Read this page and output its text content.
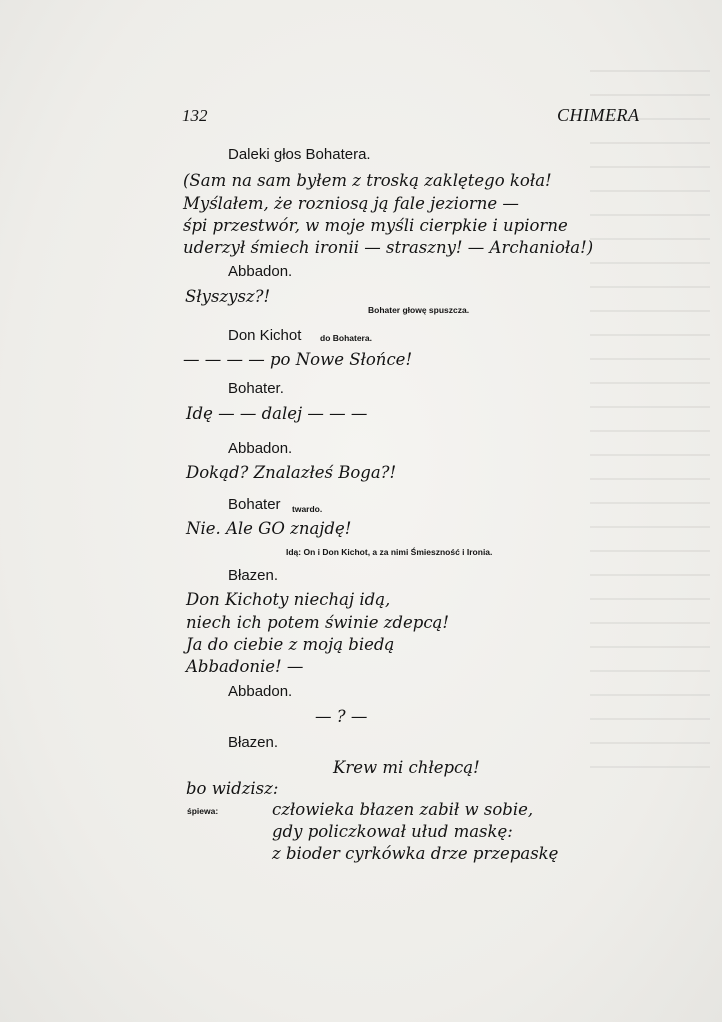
132	CHIMERA
Daleki głos Bohatera.
(Sam na sam byłem z troską zaklętego koła!
Myślałem, że rozniosą ją fale jeziorne —
śpi przestwór, w moje myśli cierpkie i upiorne
uderzył śmiech ironii — straszny! — Archanioła!)
Abbadon.
Słyszysz?!
Bohater głowę spuszcza.
Don Kichot do Bohatera.
— — — — po Nowe Słońce!
Bohater.
Idę — — dalej — — —
Abbadon.
Dokąd? Znalazłeś Boga?!
Bohater twardo.
Nie. Ale GO znajdę!
Idą: On i Don Kichot, a za nimi Śmieszność i Ironia.
Błazen.
Don Kichoty niechaj idą,
niech ich potem świnie zdepcą!
Ja do ciebie z moją biedą
Abbadonie! —
Abbadon.
— ? —
Błazen.
Krew mi chłepcą!
bo widzisz:
śpiewa:	człowieka błazen zabił w sobie,
gdy policzkował ułud maskę:
z bioder cyrkówka drze przepaskę
